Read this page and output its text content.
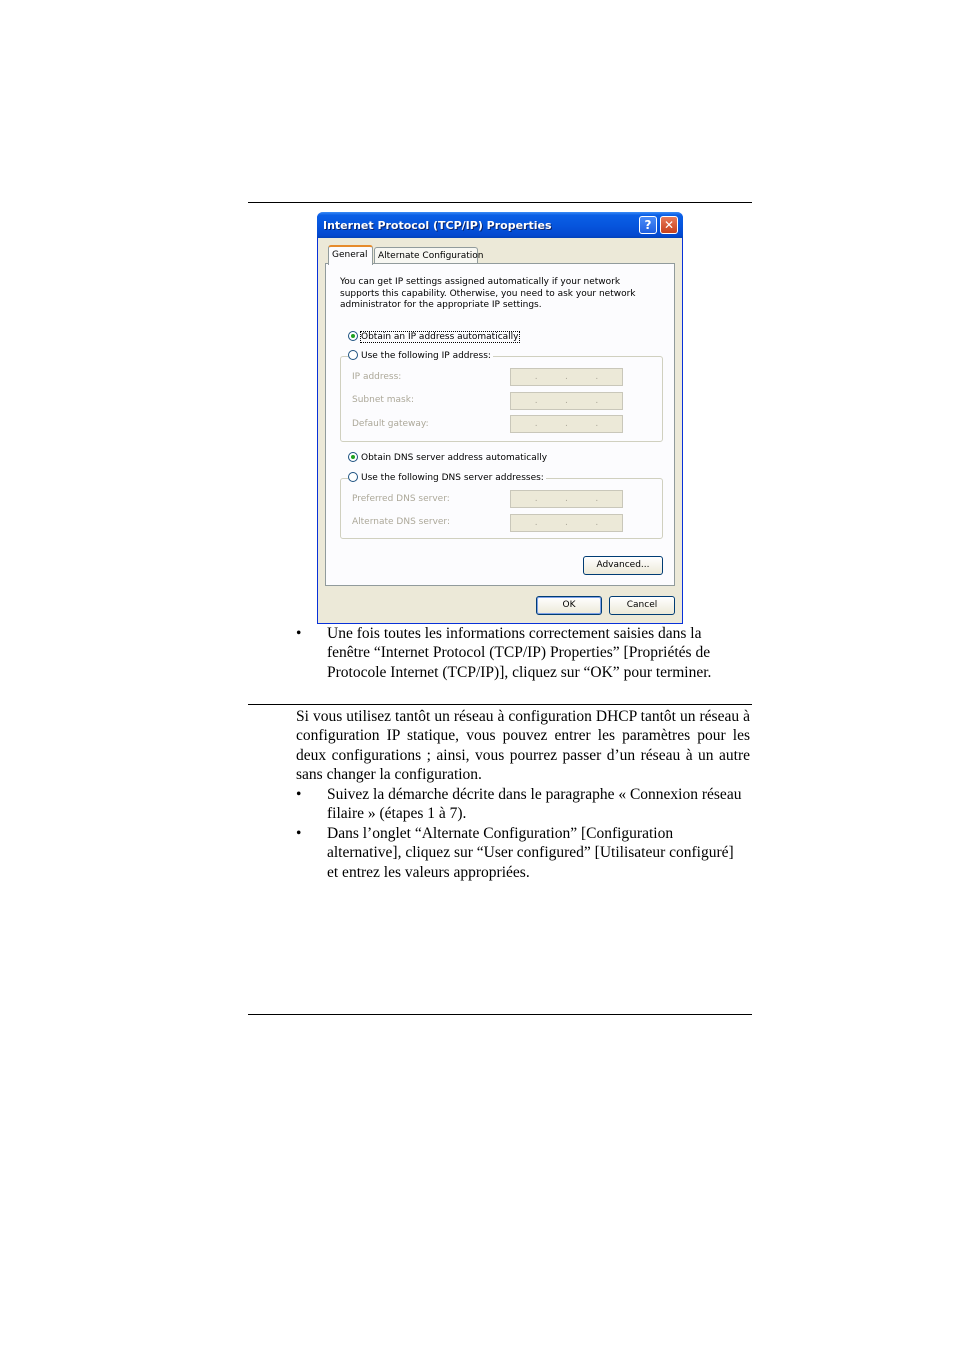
Internet Protocol (TCP/IP) Properties	?	✕
General	Alternate Configuration
You can get IP settings assigned automatically if your network supports this capability. Otherwise, you need to ask your network administrator for the appropriate IP settings.
Obtain an IP address automatically
Use the following IP address:
IP address:	.	.	.
Subnet mask:	.	.	.
Default gateway:	.	.	.
Obtain DNS server address automatically
Use the following DNS server addresses:
Preferred DNS server:	.	.	.
Alternate DNS server:	.	.	.
Advanced...
OK	Cancel
• Une fois toutes les informations correctement saisies dans la fenêtre “Internet Protocol (TCP/IP) Properties” [Propriétés de Protocole Internet (TCP/IP)], cliquez sur “OK” pour terminer.
Si vous utilisez tantôt un réseau à configuration DHCP tantôt un réseau à configuration IP statique, vous pouvez entrer les paramètres pour les deux configurations ; ainsi, vous pourrez passer d’un réseau à un autre sans changer la configuration.
• Suivez la démarche décrite dans le paragraphe « Connexion réseau filaire » (étapes 1 à 7).
• Dans l’onglet “Alternate Configuration” [Configuration alternative], cliquez sur “User configured” [Utilisateur configuré] et entrez les valeurs appropriées.
